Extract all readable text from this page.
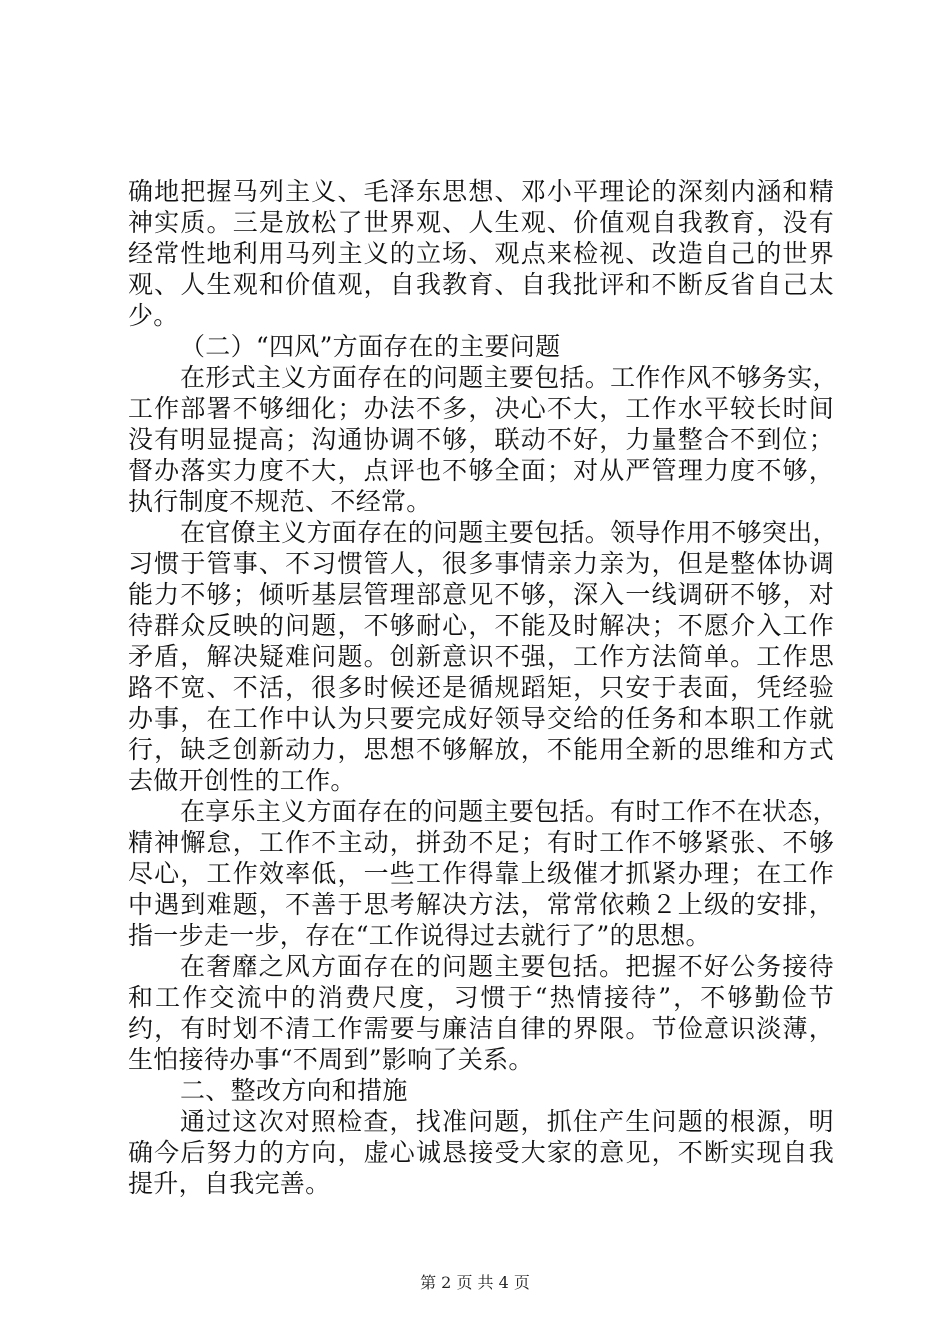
确地把握马列主义、毛泽东思想、邓小平理论的深刻内涵和精
神实质。三是放松了世界观、人生观、价值观自我教育，没有
经常性地利用马列主义的立场、观点来检视、改造自己的世界
观、人生观和价值观，自我教育、自我批评和不断反省自己太
少。
（二）“四风”方面存在的主要问题
在形式主义方面存在的问题主要包括。工作作风不够务实，
工作部署不够细化；办法不多，决心不大，工作水平较长时间
没有明显提高；沟通协调不够，联动不好，力量整合不到位；
督办落实力度不大，点评也不够全面；对从严管理力度不够，
执行制度不规范、不经常。
在官僚主义方面存在的问题主要包括。领导作用不够突出，
习惯于管事、不习惯管人，很多事情亲力亲为，但是整体协调
能力不够；倾听基层管理部意见不够，深入一线调研不够，对
待群众反映的问题，不够耐心，不能及时解决；不愿介入工作
矛盾，解决疑难问题。创新意识不强，工作方法简单。工作思
路不宽、不活，很多时候还是循规蹈矩，只安于表面，凭经验
办事，在工作中认为只要完成好领导交给的任务和本职工作就
行，缺乏创新动力，思想不够解放，不能用全新的思维和方式
去做开创性的工作。
在享乐主义方面存在的问题主要包括。有时工作不在状态，
精神懈怠，工作不主动，拼劲不足；有时工作不够紧张、不够
尽心，工作效率低，一些工作得靠上级催才抓紧办理；在工作
中遇到难题，不善于思考解决方法，常常依赖２上级的安排，
指一步走一步，存在“工作说得过去就行了”的思想。
在奢靡之风方面存在的问题主要包括。把握不好公务接待
和工作交流中的消费尺度，习惯于“热情接待”，不够勤俭节
约，有时划不清工作需要与廉洁自律的界限。节俭意识淡薄，
生怕接待办事“不周到”影响了关系。
二、整改方向和措施
通过这次对照检查，找准问题，抓住产生问题的根源，明
确今后努力的方向，虚心诚恳接受大家的意见，不断实现自我
提升，自我完善。
第 2 页 共 4 页
